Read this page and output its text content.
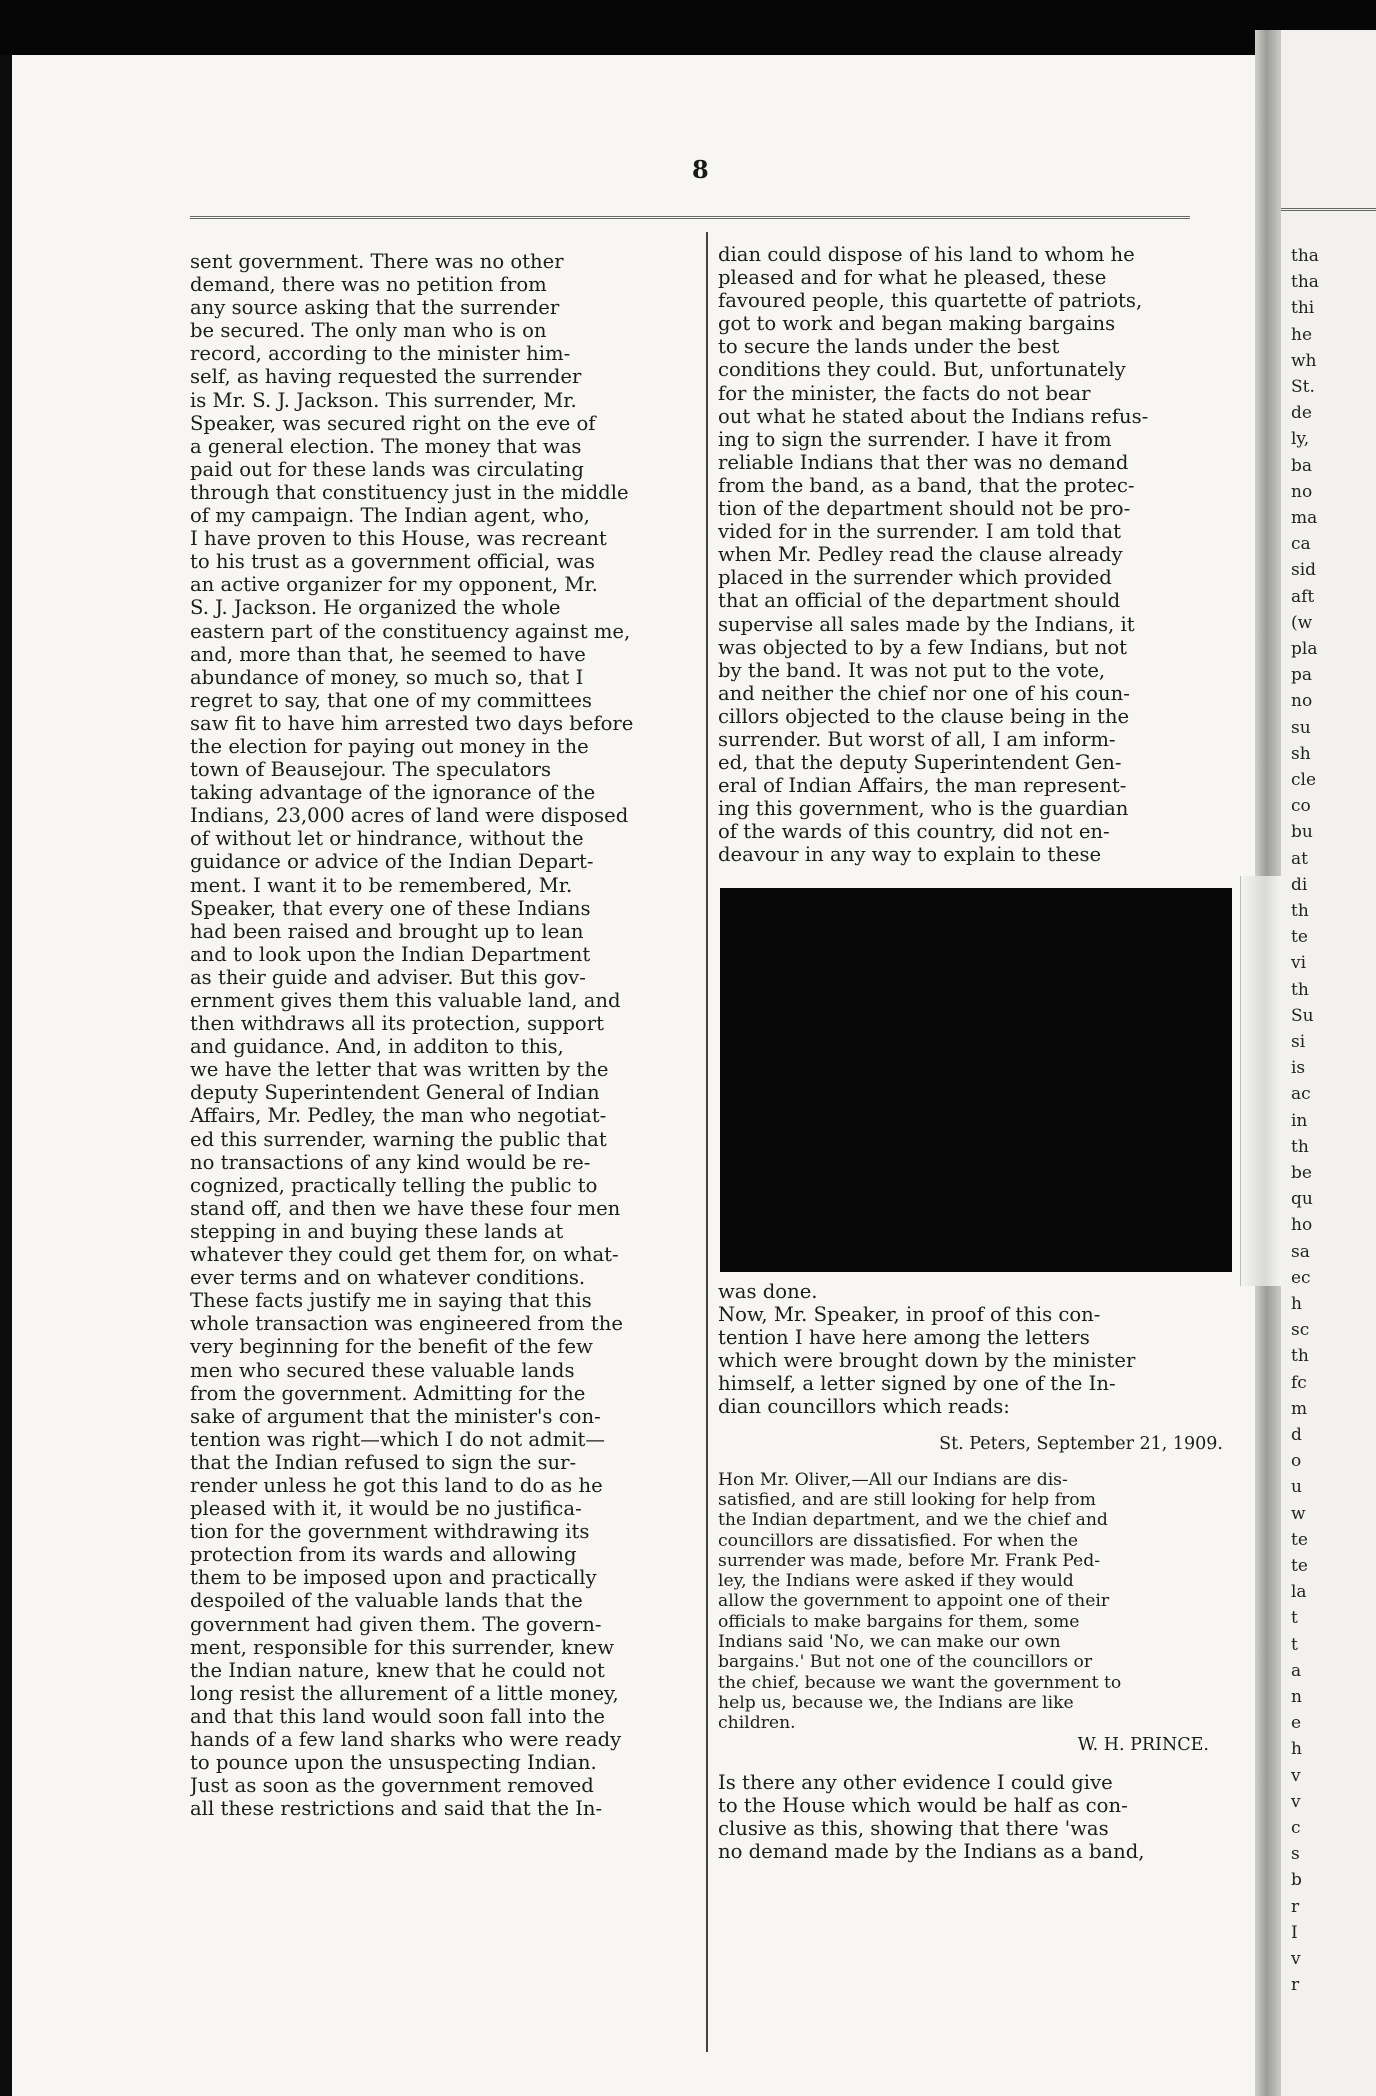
tha
tha
thi
he
wh
St.
de
ly,
ba
no
ma
ca
sid
aft
(w
pla
pa
no
su
sh
cle
co
bu
at
di
th
te
vi
th
Su
si
is
ac
in
th
be
qu
ho
sa
ec
h
sc
th
fc
m
d
o
u
w
te
te
la
t
t
a
n
e
h
v
v
c
s
b
r
I
v
r
8
sent government. There was no other
demand, there was no petition from
any source asking that the surrender
be secured. The only man who is on
record, according to the minister him-
self, as having requested the surrender
is Mr. S. J. Jackson. This surrender, Mr.
Speaker, was secured right on the eve of
a general election. The money that was
paid out for these lands was circulating
through that constituency just in the middle
of my campaign. The Indian agent, who,
I have proven to this House, was recreant
to his trust as a government official, was
an active organizer for my opponent, Mr.
S. J. Jackson. He organized the whole
eastern part of the constituency against me,
and, more than that, he seemed to have
abundance of money, so much so, that I
regret to say, that one of my committees
saw fit to have him arrested two days before
the election for paying out money in the
town of Beausejour. The speculators
taking advantage of the ignorance of the
Indians, 23,000 acres of land were disposed
of without let or hindrance, without the
guidance or advice of the Indian Depart-
ment. I want it to be remembered, Mr.
Speaker, that every one of these Indians
had been raised and brought up to lean
and to look upon the Indian Department
as their guide and adviser. But this gov-
ernment gives them this valuable land, and
then withdraws all its protection, support
and guidance. And, in additon to this,
we have the letter that was written by the
deputy Superintendent General of Indian
Affairs, Mr. Pedley, the man who negotiat-
ed this surrender, warning the public that
no transactions of any kind would be re-
cognized, practically telling the public to
stand off, and then we have these four men
stepping in and buying these lands at
whatever they could get them for, on what-
ever terms and on whatever conditions.
These facts justify me in saying that this
whole transaction was engineered from the
very beginning for the benefit of the few
men who secured these valuable lands
from the government. Admitting for the
sake of argument that the minister's con-
tention was right—which I do not admit—
that the Indian refused to sign the sur-
render unless he got this land to do as he
pleased with it, it would be no justifica-
tion for the government withdrawing its
protection from its wards and allowing
them to be imposed upon and practically
despoiled of the valuable lands that the
government had given them. The govern-
ment, responsible for this surrender, knew
the Indian nature, knew that he could not
long resist the allurement of a little money,
and that this land would soon fall into the
hands of a few land sharks who were ready
to pounce upon the unsuspecting Indian.
Just as soon as the government removed
all these restrictions and said that the In-
dian could dispose of his land to whom he
pleased and for what he pleased, these
favoured people, this quartette of patriots,
got to work and began making bargains
to secure the lands under the best
conditions they could. But, unfortunately
for the minister, the facts do not bear
out what he stated about the Indians refus-
ing to sign the surrender. I have it from
reliable Indians that ther was no demand
from the band, as a band, that the protec-
tion of the department should not be pro-
vided for in the surrender. I am told that
when Mr. Pedley read the clause already
placed in the surrender which provided
that an official of the department should
supervise all sales made by the Indians, it
was objected to by a few Indians, but not
by the band. It was not put to the vote,
and neither the chief nor one of his coun-
cillors objected to the clause being in the
surrender. But worst of all, I am inform-
ed, that the deputy Superintendent Gen-
eral of Indian Affairs, the man represent-
ing this government, who is the guardian
of the wards of this country, did not en-
deavour in any way to explain to these
was done.
Now, Mr. Speaker, in proof of this con-
tention I have here among the letters
which were brought down by the minister
himself, a letter signed by one of the In-
dian councillors which reads:
St. Peters, September 21, 1909.
Hon Mr. Oliver,—All our Indians are dis-
satisfied, and are still looking for help from
the Indian department, and we the chief and
councillors are dissatisfied. For when the
surrender was made, before Mr. Frank Ped-
ley, the Indians were asked if they would
allow the government to appoint one of their
officials to make bargains for them, some
Indians said 'No, we can make our own
bargains.' But not one of the councillors or
the chief, because we want the government to
help us, because we, the Indians are like
children.
W. H. PRINCE.
Is there any other evidence I could give
to the House which would be half as con-
clusive as this, showing that there 'was
no demand made by the Indians as a band,
